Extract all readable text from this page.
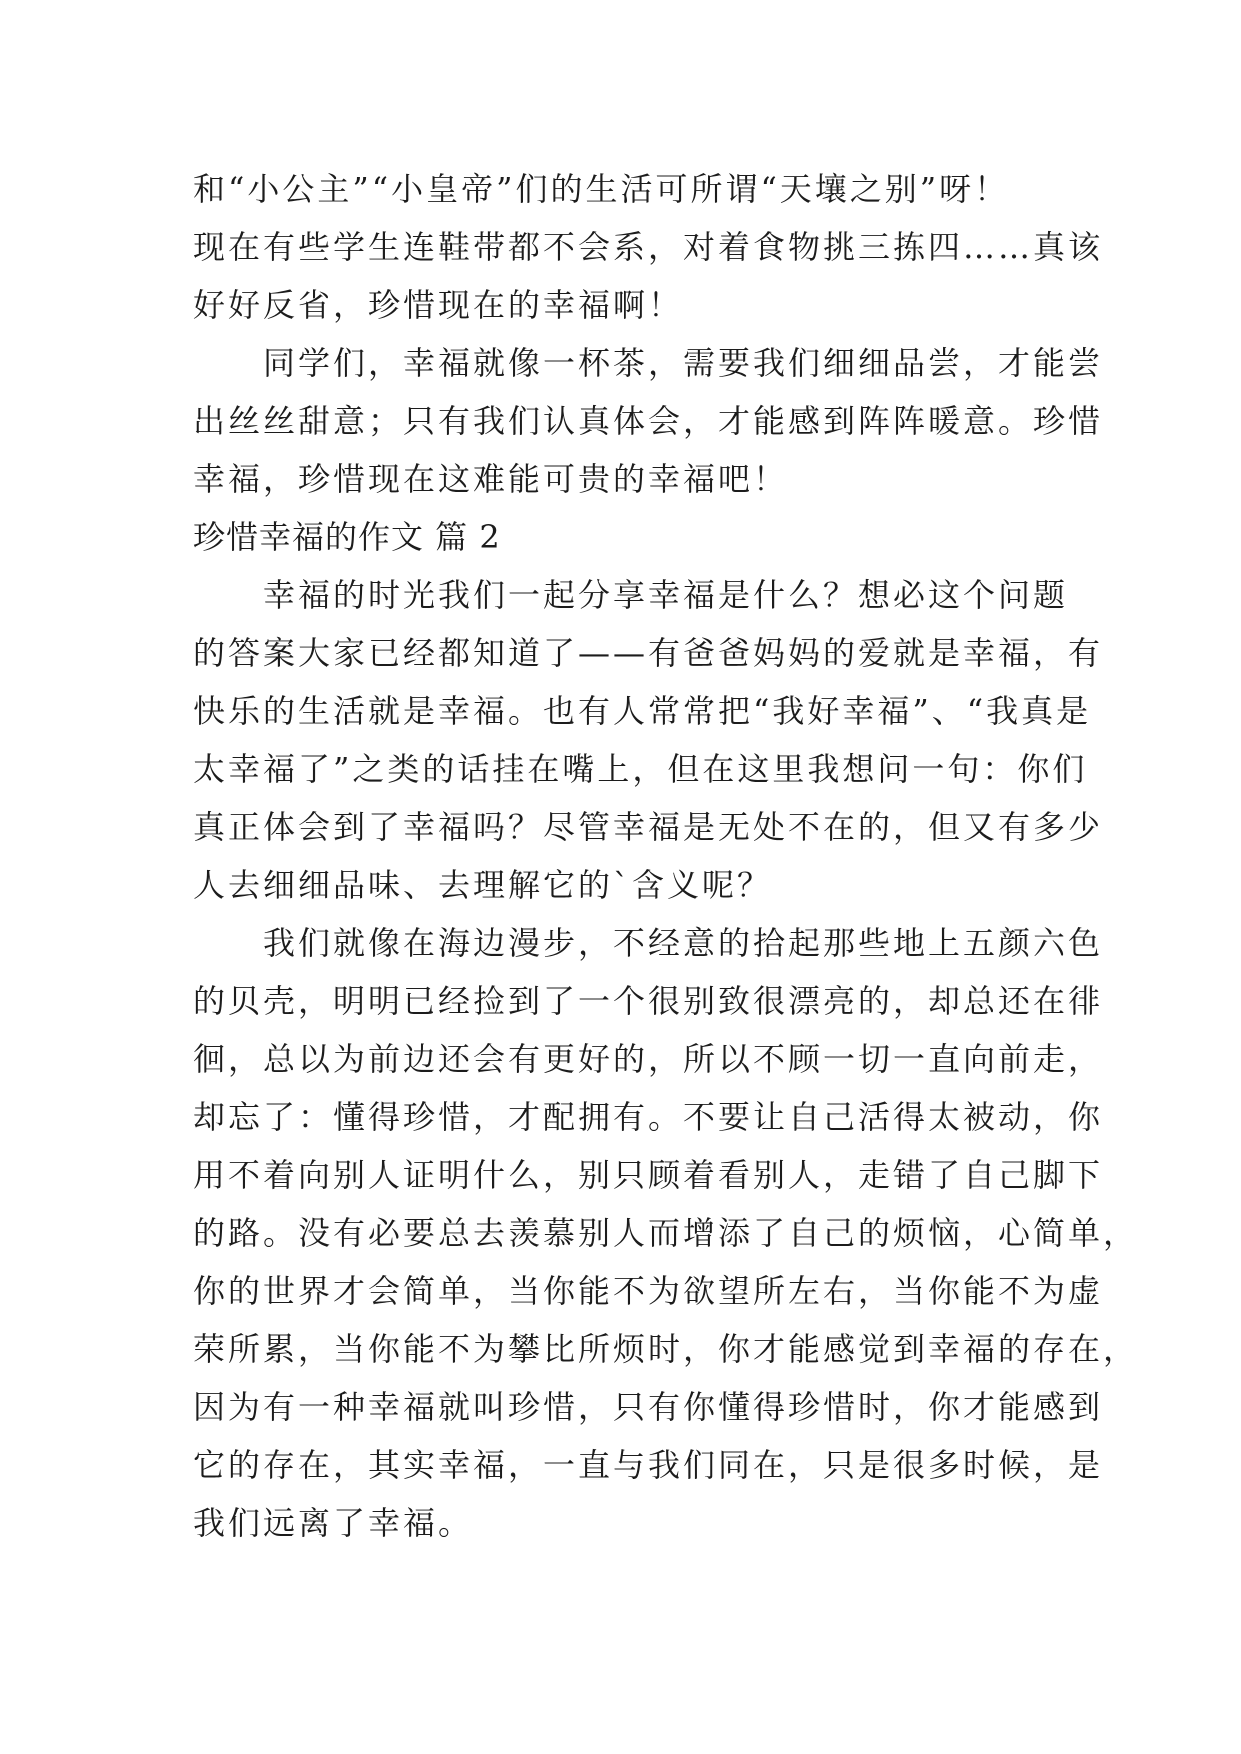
和“小公主”“小皇帝”们的生活可所谓“天壤之别”呀！
现在有些学生连鞋带都不会系，对着食物挑三拣四……真该
好好反省，珍惜现在的幸福啊！
　　同学们，幸福就像一杯茶，需要我们细细品尝，才能尝
出丝丝甜意；只有我们认真体会，才能感到阵阵暖意。珍惜
幸福，珍惜现在这难能可贵的幸福吧！
珍惜幸福的作文 篇 2
　　幸福的时光我们一起分享幸福是什么？想必这个问题
的答案大家已经都知道了——有爸爸妈妈的爱就是幸福，有
快乐的生活就是幸福。也有人常常把“我好幸福”、“我真是
太幸福了”之类的话挂在嘴上，但在这里我想问一句：你们
真正体会到了幸福吗？尽管幸福是无处不在的，但又有多少
人去细细品味、去理解它的`含义呢？
　　我们就像在海边漫步，不经意的拾起那些地上五颜六色
的贝壳，明明已经捡到了一个很别致很漂亮的，却总还在徘
徊，总以为前边还会有更好的，所以不顾一切一直向前走，
却忘了：懂得珍惜，才配拥有。不要让自己活得太被动，你
用不着向别人证明什么，别只顾着看别人，走错了自己脚下
的路。没有必要总去羡慕别人而增添了自己的烦恼，心简单，
你的世界才会简单，当你能不为欲望所左右，当你能不为虚
荣所累，当你能不为攀比所烦时，你才能感觉到幸福的存在，
因为有一种幸福就叫珍惜，只有你懂得珍惜时，你才能感到
它的存在，其实幸福，一直与我们同在，只是很多时候，是
我们远离了幸福。
